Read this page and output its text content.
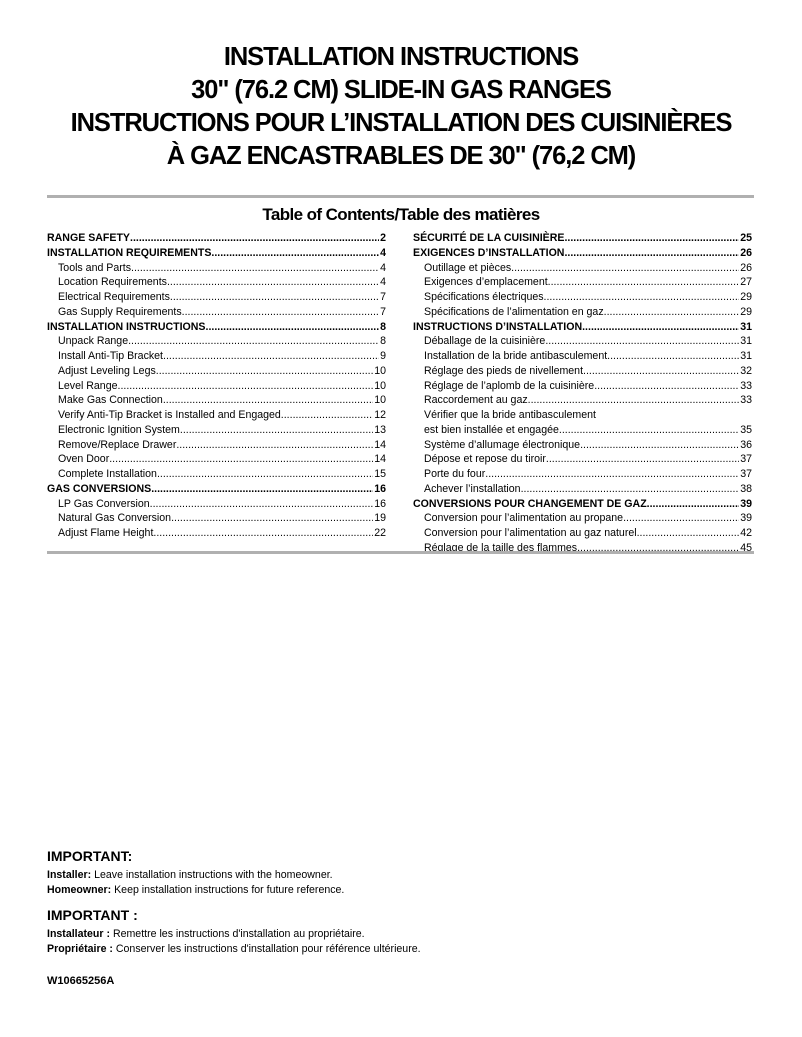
INSTALLATION INSTRUCTIONS
30" (76.2 CM) SLIDE-IN GAS RANGES
INSTRUCTIONS POUR L’INSTALLATION DES CUISINIÈRES
À GAZ ENCASTRABLES DE 30" (76,2 CM)
Table of Contents/Table des matières
RANGE SAFETY .....	2
INSTALLATION REQUIREMENTS .....	4
Tools and Parts .....	4
Location Requirements .....	4
Electrical Requirements .....	7
Gas Supply Requirements .....	7
INSTALLATION INSTRUCTIONS .....	8
Unpack Range .....	8
Install Anti-Tip Bracket .....	9
Adjust Leveling Legs .....	10
Level Range .....	10
Make Gas Connection .....	10
Verify Anti-Tip Bracket is Installed and Engaged .....	12
Electronic Ignition System .....	13
Remove/Replace Drawer .....	14
Oven Door .....	14
Complete Installation .....	15
GAS CONVERSIONS .....	16
LP Gas Conversion .....	16
Natural Gas Conversion .....	19
Adjust Flame Height .....	22
SÉCURITÉ DE LA CUISINIÈRE .....	25
EXIGENCES D’INSTALLATION .....	26
Outillage et pièces .....	26
Exigences d’emplacement .....	27
Spécifications électriques .....	29
Spécifications de l’alimentation en gaz .....	29
INSTRUCTIONS D’INSTALLATION .....	31
Déballage de la cuisinière .....	31
Installation de la bride antibasculement .....	31
Réglage des pieds de nivellement .....	32
Réglage de l’aplomb de la cuisinière .....	33
Raccordement au gaz .....	33
Vérifier que la bride antibasculement
est bien installée et engagée .....	35
Système d’allumage électronique .....	36
Dépose et repose du tiroir .....	37
Porte du four .....	37
Achever l’installation .....	38
CONVERSIONS POUR CHANGEMENT DE GAZ .....	39
Conversion pour l’alimentation au propane .....	39
Conversion pour l’alimentation au gaz naturel .....	42
Réglage de la taille des flammes .....	45
IMPORTANT:
Installer: Leave installation instructions with the homeowner.
Homeowner: Keep installation instructions for future reference.
IMPORTANT :
Installateur : Remettre les instructions d'installation au propriétaire.
Propriétaire : Conserver les instructions d'installation pour référence ultérieure.
W10665256A
